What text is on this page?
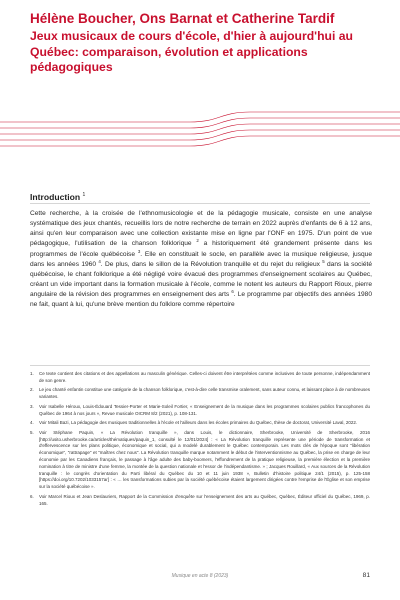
Hélène Boucher, Ons Barnat et Catherine Tardif
Jeux musicaux de cours d'école, d'hier à aujourd'hui au Québec: comparaison, évolution et applications pédagogiques
Introduction $^1$

Cette recherche, à la croisée de l'ethnomusicologie et de la pédagogie musicale, consiste en une analyse systématique des jeux chantés, recueillis lors de notre recherche de terrain en 2022 auprès d'enfants de 6 à 12 ans, ainsi qu'en leur comparaison avec une collection existante mise en ligne par l'ONF en 1975. D'un point de vue pédagogique, l'utilisation de la chanson folklorique $^2$ a historiquement été grandement présente dans les programmes de l'école québécoise $^3$. Elle en constituait le socle, en parallèle avec la musique religieuse, jusque dans les années 1960 $^4$. De plus, dans le sillon de la Révolution tranquille et du rejet du religieux $^5$ dans la société québécoise, le chant folklorique a été négligé voire évacué des programmes d'enseignement scolaires au Québec, créant un vide important dans la formation musicale à l'école, comme le notent les auteurs du Rapport Rioux, pierre angulaire de la révision des programmes en enseignement des arts $^6$. Le programme par objectifs des années 1980 ne fait, quant à lui, qu'une brève mention du folklore comme répertoire

1.	Ce texte contient des citations et des appellations au masculin générique. Celles-ci doivent être interprétées comme inclusives de toute personne, indépendamment de son genre.
2.	Le jeu chanté enfantin constitue une catégorie de la chanson folklorique, c'est-à-dire celle transmise oralement, sans auteur connu, et laissant place à de nombreuses variantes.
3.	Voir Isabelle Héroux, Louis-Édouard Tessier-Porter et Marie-Soleil Fortier, « Enseignement de la musique dans les programmes scolaires publics francophones du Québec de 1964 à nos jours », Revue musicale OICRM 8/2 (2021), p. 108-131.
4.	Voir Mitali Bazi, La pédagogie des musiques traditionnelles à l'école et l'ailleurs dans les écoles primaires du Québec, thèse de doctorat, Université Laval, 2022.
5.	Voir Stéphane Paquin, « La Révolution tranquille », dans Louis, le dictionnaire, Sherbrooke, Université de Sherbrooke, 2016 [http://usito.usherbrooke.ca/articles/thématiques/paquin_1, consulté le 12/01/2024] : « La Révolution tranquille représente une période de transformation et d'effervescence sur les plans politique, économique et social, qui a modelé durablement le Québec contemporain. Les mots clés de l'époque sont "libération économique", "rattrapage" et "maîtres chez nous". La Révolution tranquille marque notamment le début de l'interventionnisme au Québec, la prise en charge de leur économie par les Canadiens français, le passage à l'âge adulte des baby-boomers, l'effondrement de la pratique religieuse, la première élection et la première nomination à titre de ministre d'une femme, la montée de la question nationale et l'essor de l'indépendantisme. » ; Jacques Rouillard, « Aux sources de la Révolution tranquille : le congrès d'orientation du Parti libéral du Québec du 10 et 11 juin 1938 », Bulletin d'histoire politique 24/1 (2015), p. 125-158 [https://doi.org/10.7202/1033157ar] : « … les transformations subies par la société québécoise étaient largement dirigées contre l'emprise de l'Église et son emprise sur la société québécoise ».
6.	Voir Marcel Rioux et Jean Deslauriers, Rapport de la Commission d'enquête sur l'enseignement des arts au Québec, Québec, Éditeur officiel du Québec, 1969, p. 165.
Musique en acte 8 (2023)	81
